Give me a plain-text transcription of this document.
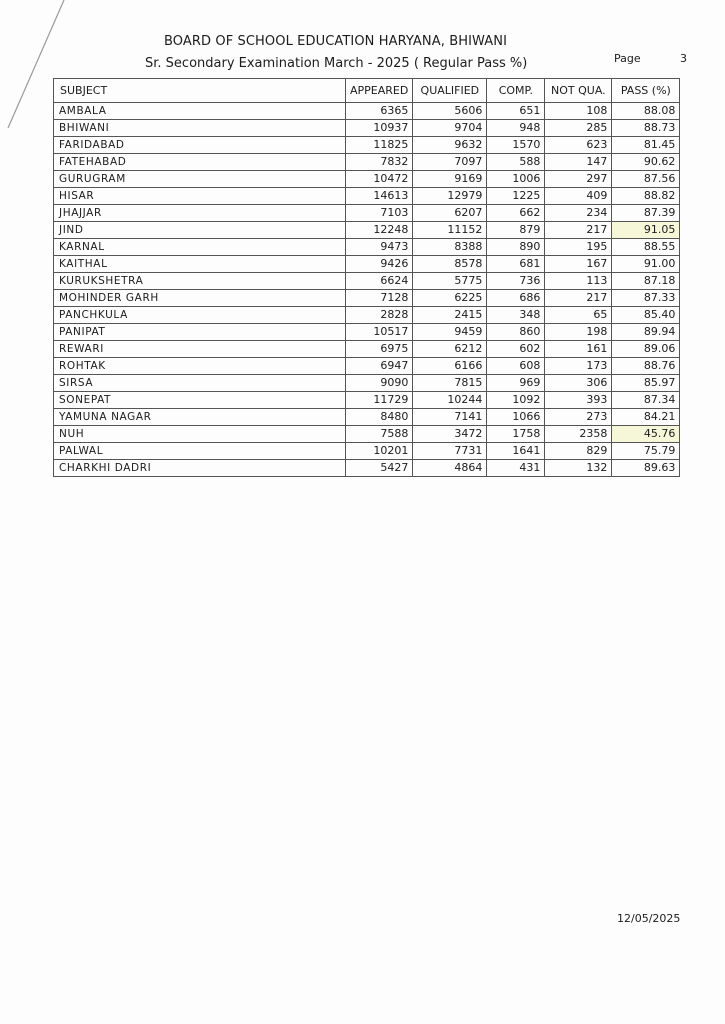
BOARD OF SCHOOL EDUCATION HARYANA, BHIWANI
Sr. Secondary Examination March - 2025 ( Regular Pass %)	Page	3
SUBJECT	APPEARED	QUALIFIED	COMP.	NOT QUA.	PASS (%)
AMBALA	6365	5606	651	108	88.08
BHIWANI	10937	9704	948	285	88.73
FARIDABAD	11825	9632	1570	623	81.45
FATEHABAD	7832	7097	588	147	90.62
GURUGRAM	10472	9169	1006	297	87.56
HISAR	14613	12979	1225	409	88.82
JHAJJAR	7103	6207	662	234	87.39
JIND	12248	11152	879	217	91.05
KARNAL	9473	8388	890	195	88.55
KAITHAL	9426	8578	681	167	91.00
KURUKSHETRA	6624	5775	736	113	87.18
MOHINDER GARH	7128	6225	686	217	87.33
PANCHKULA	2828	2415	348	65	85.40
PANIPAT	10517	9459	860	198	89.94
REWARI	6975	6212	602	161	89.06
ROHTAK	6947	6166	608	173	88.76
SIRSA	9090	7815	969	306	85.97
SONEPAT	11729	10244	1092	393	87.34
YAMUNA NAGAR	8480	7141	1066	273	84.21
NUH	7588	3472	1758	2358	45.76
PALWAL	10201	7731	1641	829	75.79
CHARKHI DADRI	5427	4864	431	132	89.63
12/05/2025
